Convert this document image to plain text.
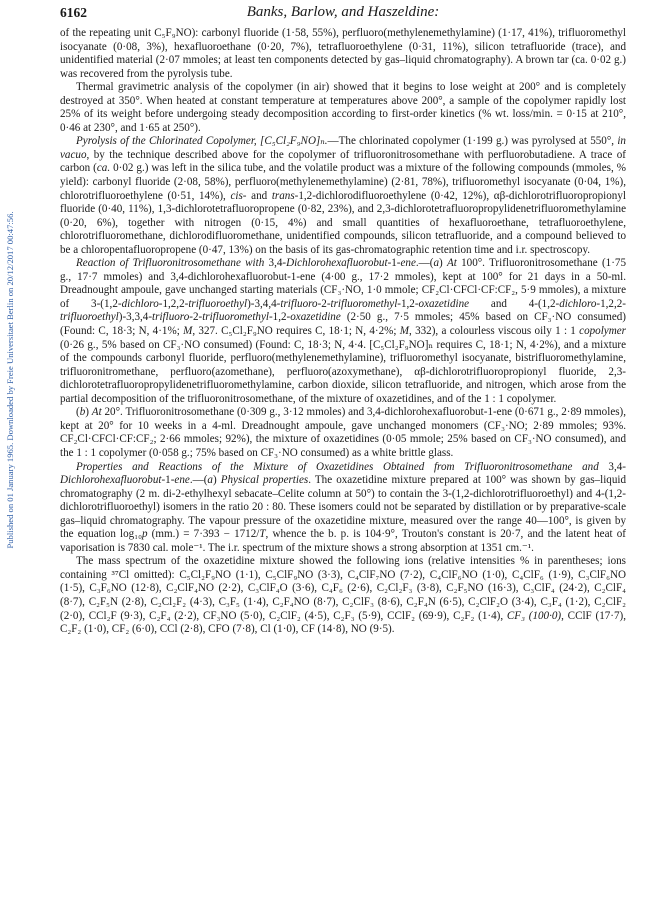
Published on 01 January 1965. Downloaded by Freie Universitaet Berlin on 20/12/2017 00:47:56.
6162	Banks, Barlow, and Haszeldine:

of the repeating unit C₅F₉NO): carbonyl fluoride (1·58, 55%), perfluoro(methylenemethylamine) (1·17, 41%), trifluoromethyl isocyanate (0·08, 3%), hexafluoroethane (0·20, 7%), tetrafluoroethylene (0·31, 11%), silicon tetrafluoride (trace), and unidentified material (2·07 mmoles; at least ten components detected by gas–liquid chromatography). A brown tar (ca. 0·02 g.) was recovered from the pyrolysis tube.

Thermal gravimetric analysis of the copolymer (in air) showed that it begins to lose weight at 200° and is completely destroyed at 350°. When heated at constant temperature at temperatures above 200°, a sample of the copolymer rapidly lost 25% of its weight before undergoing steady decomposition according to first-order kinetics (% wt. loss/min. = 0·15 at 210°, 0·46 at 230°, and 1·65 at 250°).

Pyrolysis of the Chlorinated Copolymer, [C₅Cl₂F₉NO]ₙ.—The chlorinated copolymer (1·199 g.) was pyrolysed at 550°, in vacuo, by the technique described above for the copolymer of trifluoronitrosomethane with perfluorobutadiene. A trace of carbon (ca. 0·02 g.) was left in the silica tube, and the volatile product was a mixture of the following compounds (mmoles, % yield): carbonyl fluoride (2·08, 58%), perfluoro(methylenemethylamine) (2·81, 78%), trifluoromethyl isocyanate (0·04, 1%), chlorotrifluoroethylene (0·51, 14%), cis- and trans-1,2-dichlorodifluoroethylene (0·42, 12%), αβ-dichlorotrifluoropropionyl fluoride (0·40, 11%), 1,3-dichlorotetrafluoropropene (0·82, 23%), and 2,3-dichlorotetrafluoropropylidenetrifluoromethylamine (0·20, 6%), together with nitrogen (0·15, 4%) and small quantities of hexafluoroethane, tetrafluoroethylene, chlorotrifluoromethane, dichlorodifluoromethane, unidentified compounds, silicon tetrafluoride, and a compound believed to be a chloropentafluoropropene (0·47, 13%) on the basis of its gas-chromatographic retention time and i.r. spectroscopy.

Reaction of Trifluoronitrosomethane with 3,4-Dichlorohexafluorobut-1-ene.—(a) At 100°. Trifluoronitrosomethane (1·75 g., 17·7 mmoles) and 3,4-dichlorohexafluorobut-1-ene (4·00 g., 17·2 mmoles), kept at 100° for 21 days in a 50-ml. Dreadnought ampoule, gave unchanged starting materials (CF₃·NO, 1·0 mmole; CF₂Cl·CFCl·CF:CF₂, 5·9 mmoles), a mixture of 3-(1,2-dichloro-1,2,2-trifluoroethyl)-3,4,4-trifluoro-2-trifluoromethyl-1,2-oxazetidine and 4-(1,2-dichloro-1,2,2-trifluoroethyl)-3,3,4-trifluoro-2-trifluoromethyl-1,2-oxazetidine (2·50 g., 7·5 mmoles; 45% based on CF₃·NO consumed) (Found: C, 18·3; N, 4·1%; M, 327. C₅Cl₂F₉NO requires C, 18·1; N, 4·2%; M, 332), a colourless viscous oily 1 : 1 copolymer (0·26 g., 5% based on CF₃·NO consumed) (Found: C, 18·3; N, 4·4. [C₅Cl₂F₉NO]ₙ requires C, 18·1; N, 4·2%), and a mixture of the compounds carbonyl fluoride, perfluoro(methylenemethylamine), trifluoromethyl isocyanate, bistrifluoromethylamine, trifluoronitromethane, perfluoro(azomethane), perfluoro(azoxymethane), αβ-dichlorotrifluoropropionyl fluoride, 2,3-dichlorotetrafluoropropylidenetrifluoromethylamine, carbon dioxide, silicon tetrafluoride, and nitrogen, which arose from the partial decomposition of the trifluoronitrosomethane, of the mixture of oxazetidines, and of the 1 : 1 copolymer.

(b) At 20°. Trifluoronitrosomethane (0·309 g., 3·12 mmoles) and 3,4-dichlorohexafluorobut-1-ene (0·671 g., 2·89 mmoles), kept at 20° for 10 weeks in a 4-ml. Dreadnought ampoule, gave unchanged monomers (CF₃·NO; 2·89 mmoles; 93%. CF₂Cl·CFCl·CF:CF₂; 2·66 mmoles; 92%), the mixture of oxazetidines (0·05 mmole; 25% based on CF₃·NO consumed), and the 1 : 1 copolymer (0·058 g.; 75% based on CF₃·NO consumed) as a white brittle glass.

Properties and Reactions of the Mixture of Oxazetidines Obtained from Trifluoronitrosomethane and 3,4-Dichlorohexafluorobut-1-ene.—(a) Physical properties. The oxazetidine mixture prepared at 100° was shown by gas–liquid chromatography (2 m. di-2-ethylhexyl sebacate–Celite column at 50°) to contain the 3-(1,2-dichlorotrifluoroethyl) and 4-(1,2-dichlorotrifluoroethyl) isomers in the ratio 20 : 80. These isomers could not be separated by distillation or by preparative-scale gas–liquid chromatography. The vapour pressure of the oxazetidine mixture, measured over the range 40—100°, is given by the equation log₁₀p (mm.) = 7·393 − 1712/T, whence the b. p. is 104·9°, Trouton's constant is 20·7, and the latent heat of vaporisation is 7830 cal. mole⁻¹. The i.r. spectrum of the mixture shows a strong absorption at 1351 cm.⁻¹.

The mass spectrum of the oxazetidine mixture showed the following ions (relative intensities % in parentheses; ions containing ³⁷Cl omitted): C₅Cl₂F₉NO (1·1), C₅ClF₉NO (3·3), C₄ClF₇NO (7·2), C₄ClF₆NO (1·0), C₄ClF₆ (1·9), C₃ClF₆NO (1·5), C₃F₆NO (12·8), C₂ClF₄NO (2·2), C₃ClF₄O (3·6), C₄F₆ (2·6), C₂Cl₂F₃ (3·8), C₂F₅NO (16·3), C₃ClF₄ (24·2), C₂ClF₄ (8·7), C₂F₅N (2·8), C₂Cl₂F₂ (4·3), C₃F₅ (1·4), C₂F₄NO (8·7), C₂ClF₃ (8·6), C₂F₄N (6·5), C₂ClF₂O (3·4), C₃F₄ (1·2), C₂ClF₂ (2·0), CCl₂F (9·3), C₂F₄ (2·2), CF₃NO (5·0), C₂ClF₂ (4·5), C₂F₃ (5·9), CClF₂ (69·9), C₂F₂ (1·4), CF₃ (100·0), CClF (17·7), C₂F₂ (1·0), CF₂ (6·0), CCl (2·8), CFO (7·8), Cl (1·0), CF (14·8), NO (9·5).
